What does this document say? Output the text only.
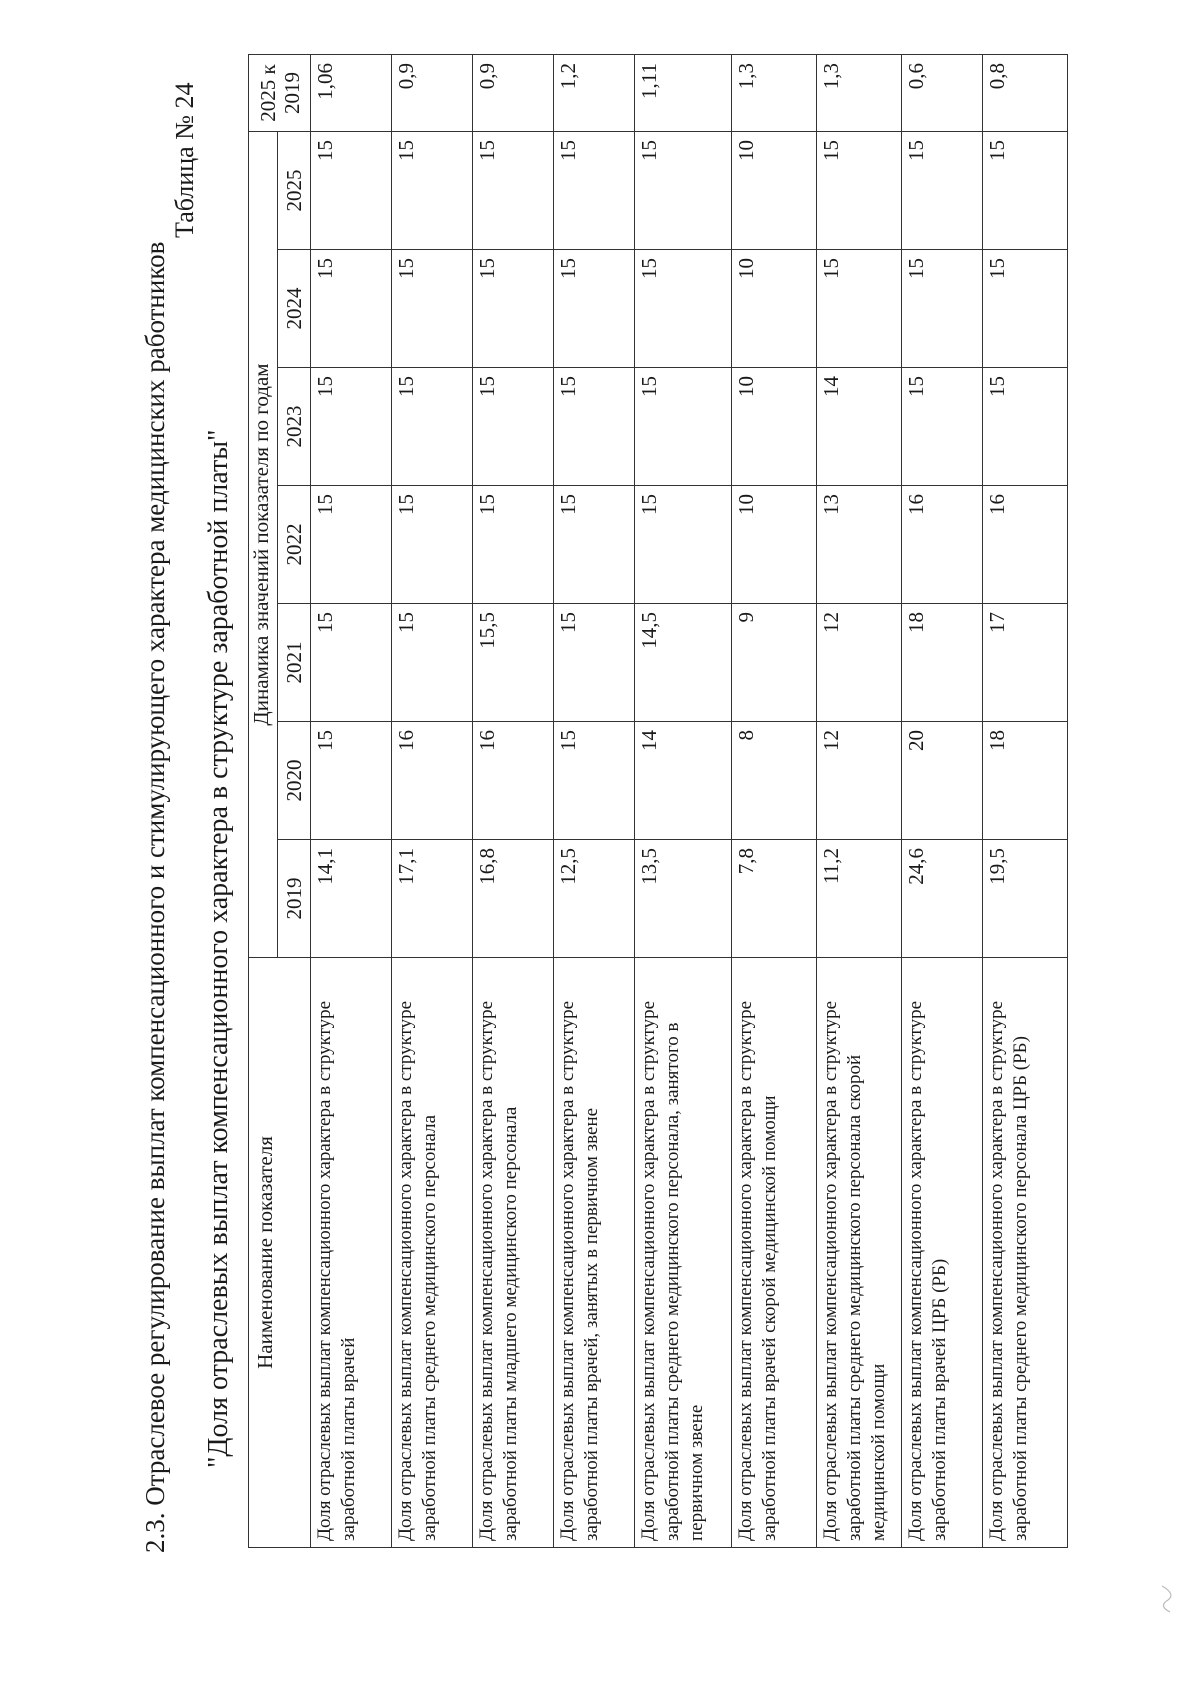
2.3. Отраслевое регулирование выплат компенсационного и стимулирующего характера медицинских работников
Таблица № 24
"Доля отраслевых выплат компенсационного характера в структуре заработной платы" Наименование показателя	Динамика значений показателя по годам							2025 к 2019
	2019	2020	2021	2022	2023	2024	2025	
Доля отраслевых выплат компенсационного характера в структуре заработной платы врачей	14,1	15	15	15	15	15	15	1,06
Доля отраслевых выплат компенсационного характера в структуре заработной платы среднего медицинского персонала	17,1	16	15	15	15	15	15	0,9
Доля отраслевых выплат компенсационного характера в структуре заработной платы младшего медицинского персонала	16,8	16	15,5	15	15	15	15	0,9
Доля отраслевых выплат компенсационного характера в структуре заработной платы врачей, занятых в первичном звене	12,5	15	15	15	15	15	15	1,2
Доля отраслевых выплат компенсационного характера в структуре заработной платы среднего медицинского персонала, занятого в первичном звене	13,5	14	14,5	15	15	15	15	1,11
Доля отраслевых выплат компенсационного характера в структуре заработной платы врачей скорой медицинской помощи	7,8	8	9	10	10	10	10	1,3
Доля отраслевых выплат компенсационного характера в структуре заработной платы среднего медицинского персонала скорой медицинской помощи	11,2	12	12	13	14	15	15	1,3
Доля отраслевых выплат компенсационного характера в структуре заработной платы врачей ЦРБ (РБ)	24,6	20	18	16	15	15	15	0,6
Доля отраслевых выплат компенсационного характера в структуре заработной платы среднего медицинского персонала ЦРБ (РБ)	19,5	18	17	16	15	15	15	0,8
